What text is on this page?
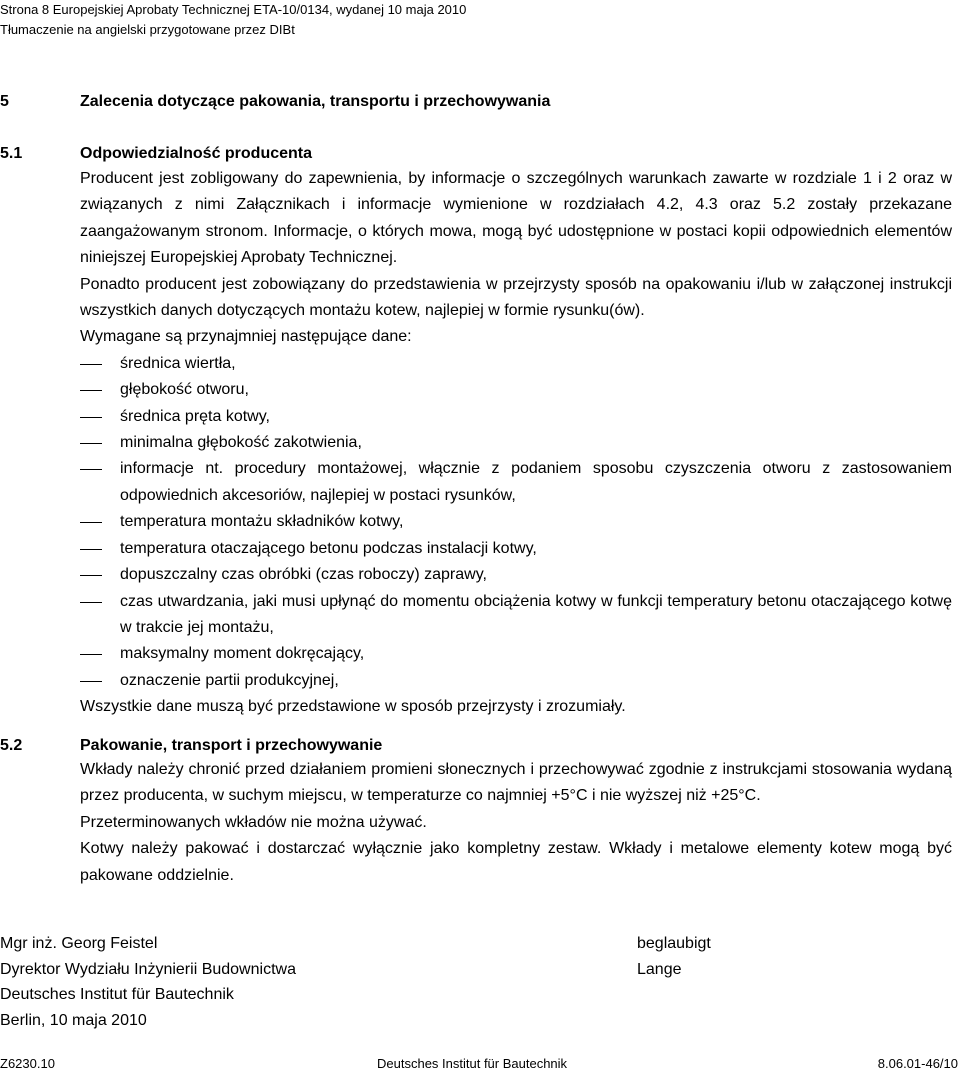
Strona 8 Europejskiej Aprobaty Technicznej ETA-10/0134, wydanej 10 maja 2010
Tłumaczenie na angielski przygotowane przez DIBt
5	Zalecenia dotyczące pakowania, transportu i przechowywania
5.1	Odpowiedzialność producenta
Producent jest zobligowany do zapewnienia, by informacje o szczególnych warunkach zawarte w rozdziale 1 i 2 oraz w związanych z nimi Załącznikach i informacje wymienione w rozdziałach 4.2, 4.3 oraz 5.2 zostały przekazane zaangażowanym stronom. Informacje, o których mowa, mogą być udostępnione w postaci kopii odpowiednich elementów niniejszej Europejskiej Aprobaty Technicznej.
Ponadto producent jest zobowiązany do przedstawienia w przejrzysty sposób na opakowaniu i/lub w załączonej instrukcji wszystkich danych dotyczących montażu kotew, najlepiej w formie rysunku(ów).
Wymagane są przynajmniej następujące dane:
średnica wiertła,
głębokość otworu,
średnica pręta kotwy,
minimalna głębokość zakotwienia,
informacje nt. procedury montażowej, włącznie z podaniem sposobu czyszczenia otworu z zastosowaniem odpowiednich akcesoriów, najlepiej w postaci rysunków,
temperatura montażu składników kotwy,
temperatura otaczającego betonu podczas instalacji kotwy,
dopuszczalny czas obróbki (czas roboczy) zaprawy,
czas utwardzania, jaki musi upłynąć do momentu obciążenia kotwy w funkcji temperatury betonu otaczającego kotwę w trakcie jej montażu,
maksymalny moment dokręcający,
oznaczenie partii produkcyjnej,
Wszystkie dane muszą być przedstawione w sposób przejrzysty i zrozumiały.
5.2	Pakowanie, transport i przechowywanie
Wkłady należy chronić przed działaniem promieni słonecznych i przechowywać zgodnie z instrukcjami stosowania wydaną przez producenta, w suchym miejscu, w temperaturze co najmniej +5°C i nie wyższej niż +25°C.
Przeterminowanych wkładów nie można używać.
Kotwy należy pakować i dostarczać wyłącznie jako kompletny zestaw. Wkłady i metalowe elementy kotew mogą być pakowane oddzielnie.
Mgr inż. Georg Feistel
Dyrektor Wydziału Inżynierii Budownictwa
Deutsches Institut für Bautechnik
Berlin, 10 maja 2010
beglaubigt
Lange
Z6230.10	Deutsches Institut für Bautechnik	8.06.01-46/10
